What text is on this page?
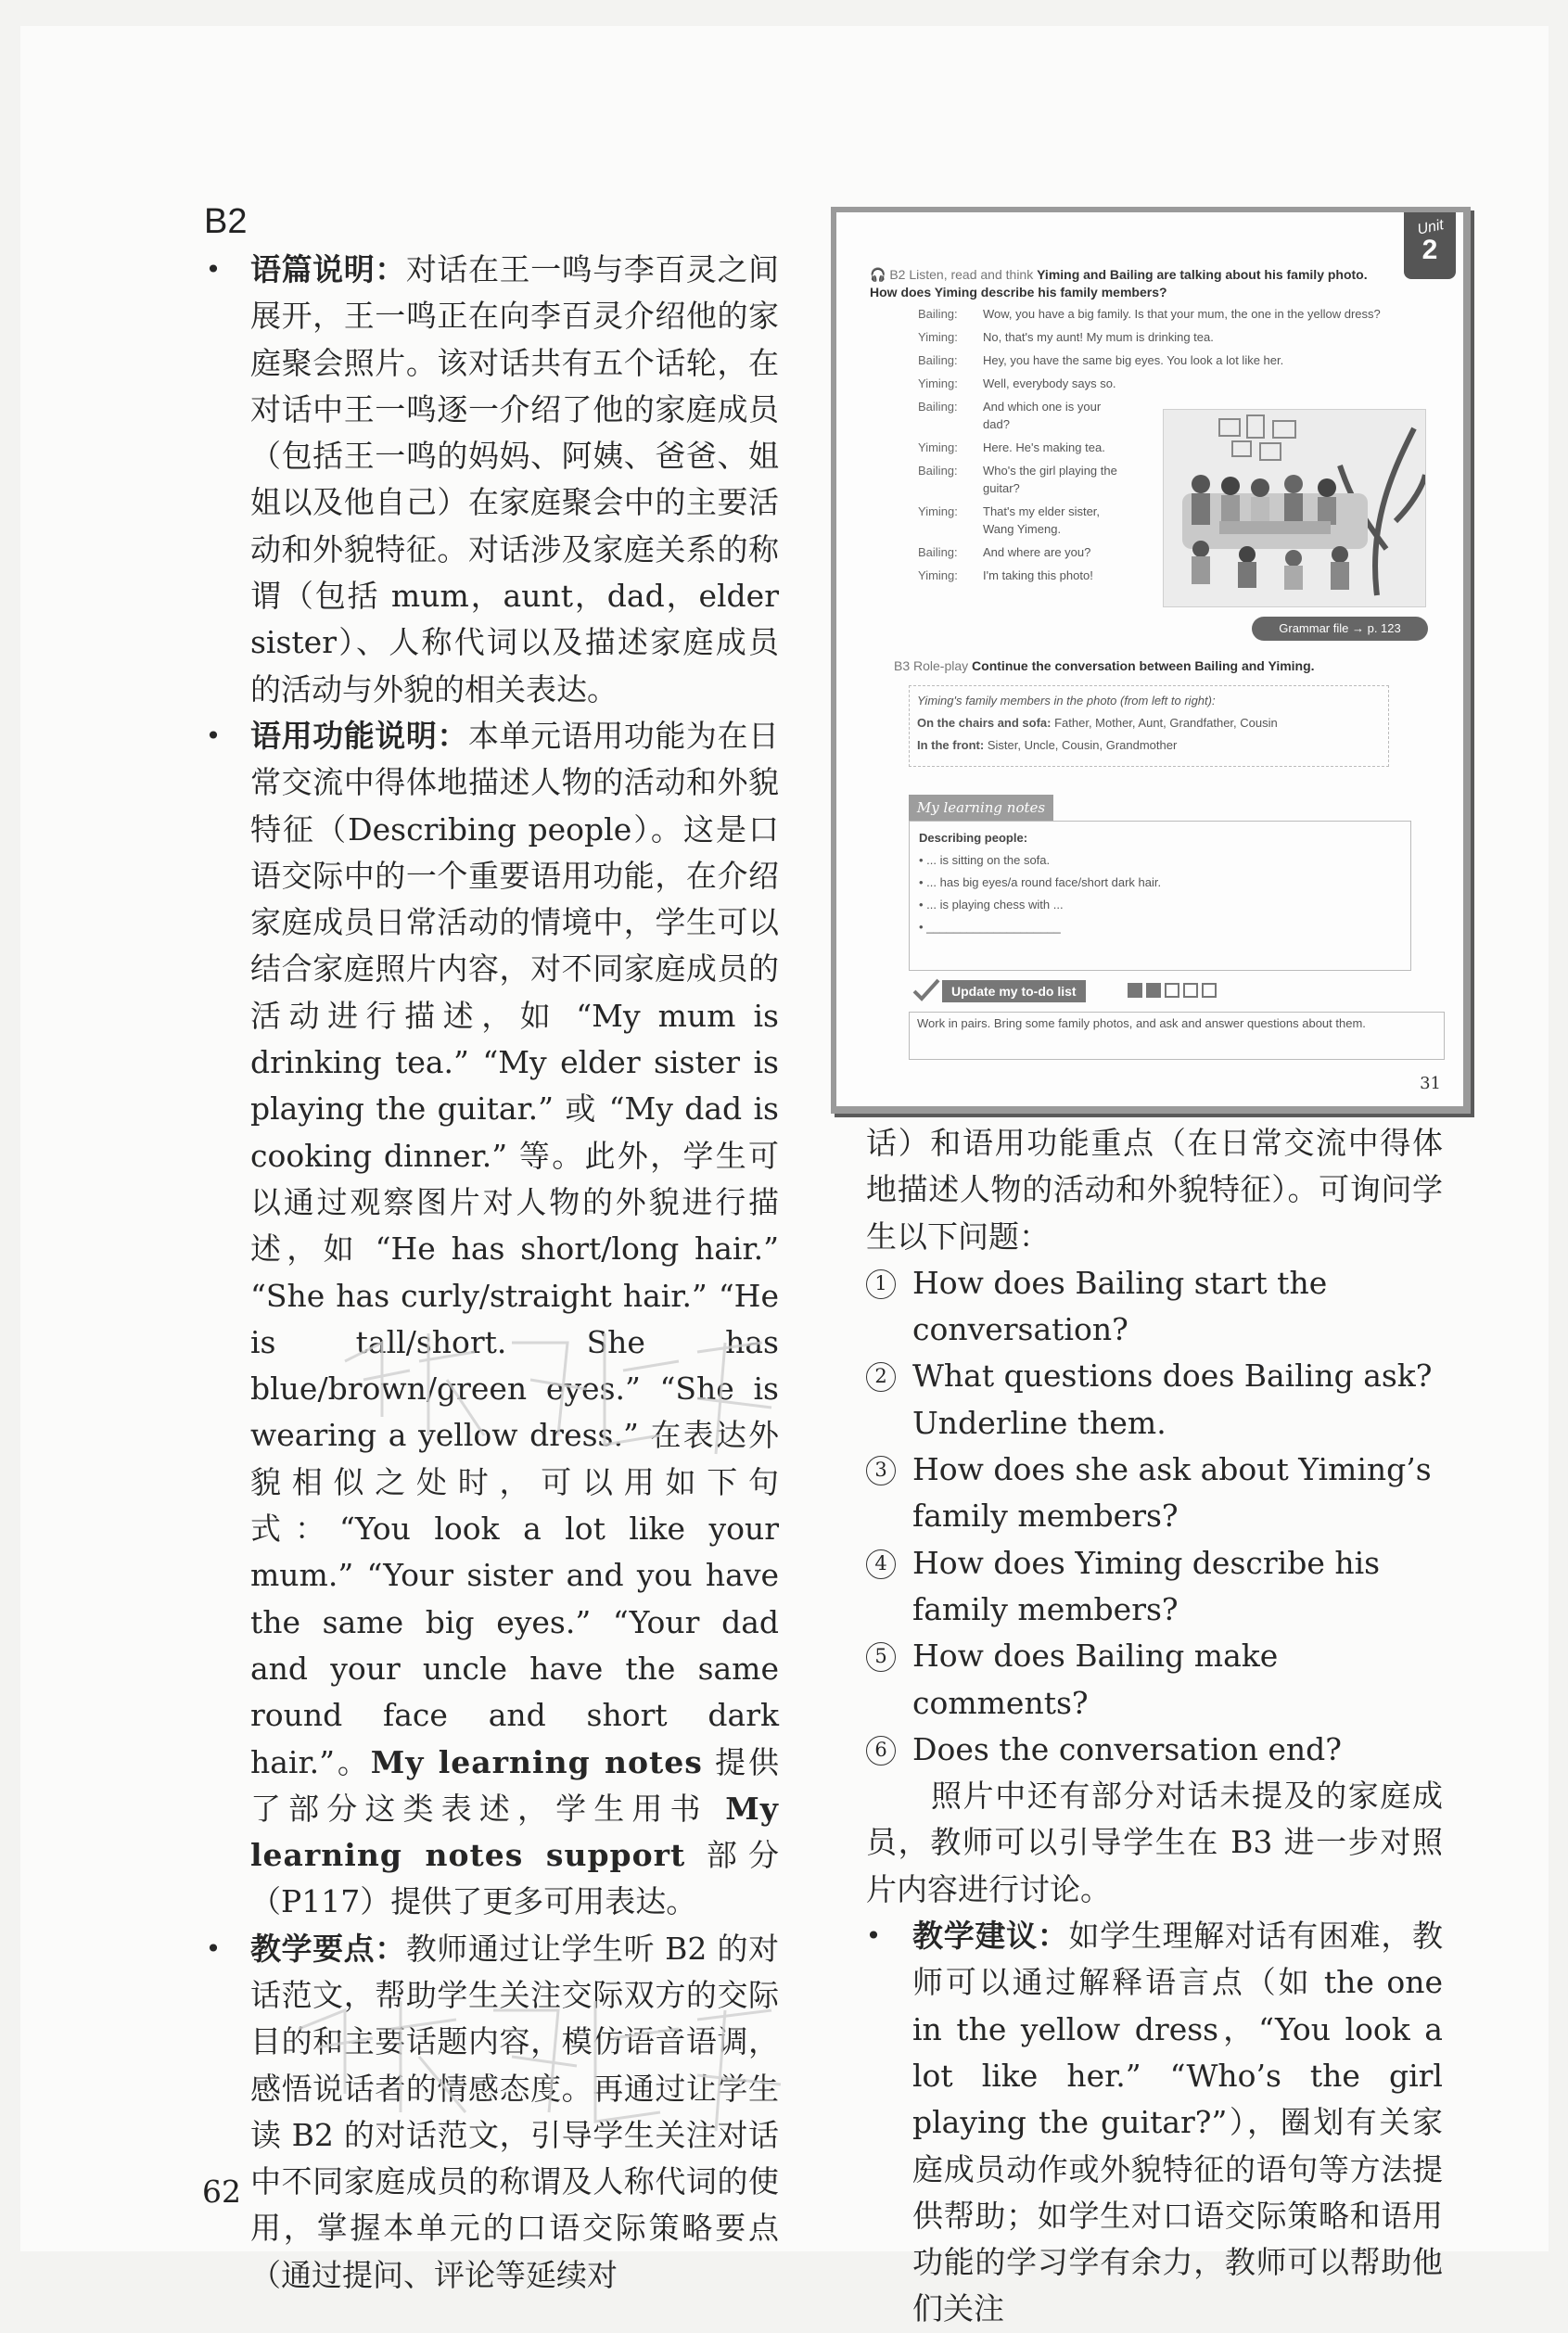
B2
• 语篇说明：对话在王一鸣与李百灵之间展开，王一鸣正在向李百灵介绍他的家庭聚会照片。该对话共有五个话轮，在对话中王一鸣逐一介绍了他的家庭成员（包括王一鸣的妈妈、阿姨、爸爸、姐姐以及他自己）在家庭聚会中的主要活动和外貌特征。对话涉及家庭关系的称谓（包括 mum，aunt，dad，elder sister）、人称代词以及描述家庭成员的活动与外貌的相关表达。
• 语用功能说明：本单元语用功能为在日常交流中得体地描述人物的活动和外貌特征（Describing people）。这是口语交际中的一个重要语用功能，在介绍家庭成员日常活动的情境中，学生可以结合家庭照片内容，对不同家庭成员的活动进行描述，如 “My mum is drinking tea.” “My elder sister is playing the guitar.” 或 “My dad is cooking dinner.” 等。此外，学生可以通过观察图片对人物的外貌进行描述，如 “He has short/long hair.” “She has curly/straight hair.” “He is tall/short. She has blue/brown/green eyes.” “She is wearing a yellow dress.” 在表达外貌相似之处时，可以用如下句式：“You look a lot like your mum.” “Your sister and you have the same big eyes.” “Your dad and your uncle have the same round face and short dark hair.”。My learning notes 提供了部分这类表述，学生用书 My learning notes support 部分（P117）提供了更多可用表达。
• 教学要点：教师通过让学生听 B2 的对话范文，帮助学生关注交际双方的交际目的和主要话题内容，模仿语音语调，感悟说话者的情感态度。再通过让学生读 B2 的对话范文，引导学生关注对话中不同家庭成员的称谓及人称代词的使用，掌握本单元的口语交际策略要点（通过提问、评论等延续对
62
Unit
2
🎧 B2 Listen, read and think Yiming and Bailing are talking about his family photo. How does Yiming describe his family members?
Bailing:	Wow, you have a big family. Is that your mum, the one in the yellow dress?
Yiming:	No, that's my aunt! My mum is drinking tea.
Bailing:	Hey, you have the same big eyes. You look a lot like her.
Yiming:	Well, everybody says so.
Bailing:	And which one is your dad?
Yiming:	Here. He's making tea.
Bailing:	Who's the girl playing the guitar?
Yiming:	That's my elder sister, Wang Yimeng.
Bailing:	And where are you?
Yiming:	I'm taking this photo!
Grammar file → p. 123
B3 Role-play Continue the conversation between Bailing and Yiming.

Yiming's family members in the photo (from left to right):

On the chairs and sofa: Father, Mother, Aunt, Grandfather, Cousin

In the front: Sister, Uncle, Cousin, Grandmother

My learning notes

Describing people:

• ... is sitting on the sofa.

• ... has big eyes/a round face/short dark hair.

• ... is playing chess with ...

• ____________________

Update my to-do list
Work in pairs. Bring some family photos, and ask and answer questions about them.
31
话）和语用功能重点（在日常交流中得体地描述人物的活动和外貌特征）。可询问学生以下问题：
1 How does Bailing start the conversation?
2 What questions does Bailing ask? Underline them.
3 How does she ask about Yiming’s family members?
4 How does Yiming describe his family members?
5 How does Bailing make comments?
6 Does the conversation end?
照片中还有部分对话未提及的家庭成员，教师可以引导学生在 B3 进一步对照片内容进行讨论。
• 教学建议：如学生理解对话有困难，教师可以通过解释语言点（如 the one in the yellow dress，“You look a lot like her.” “Who’s the girl playing the guitar?”），圈划有关家庭成员动作或外貌特征的语句等方法提供帮助；如学生对口语交际策略和语用功能的学习学有余力，教师可以帮助他们关注
